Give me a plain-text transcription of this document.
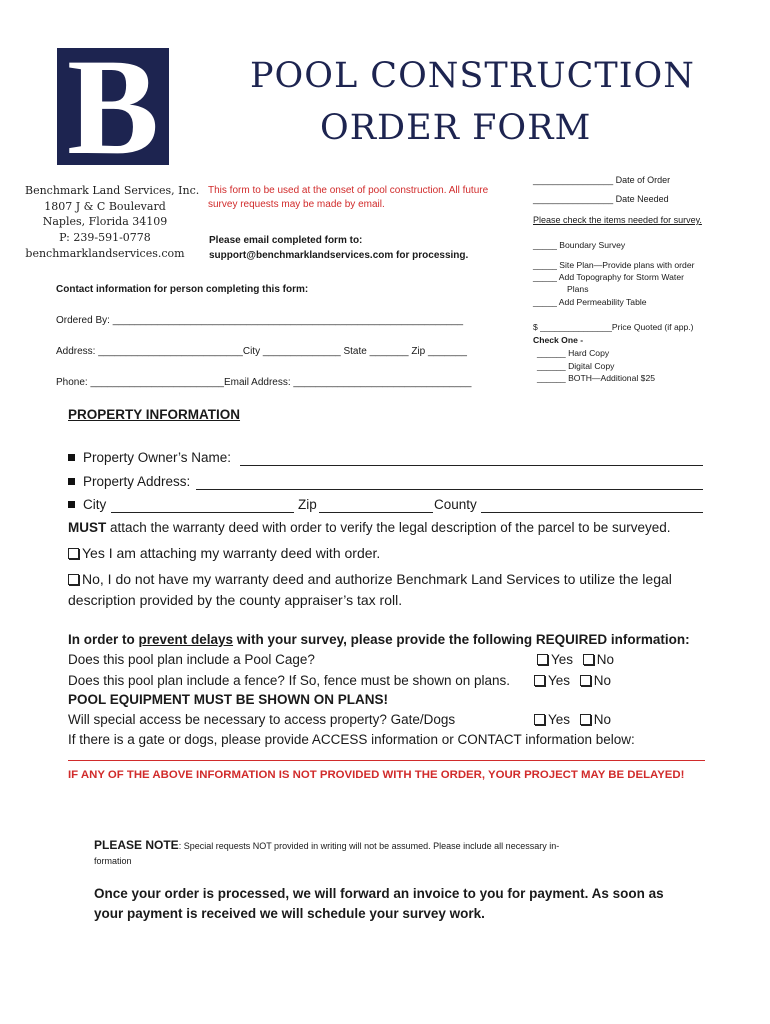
B	POOL CONSTRUCTION
ORDER FORM
Benchmark Land Services, Inc.
1807 J & C Boulevard
Naples, Florida 34109
P: 239-591-0778
benchmarklandservices.com
This form to be used at the onset of pool construction. All future
survey requests may be made by email.
Please email completed form to:
support@benchmarklandservices.com for processing.
________________ Date of Order
________________ Date Needed
Please check the items needed for survey.
_____ Boundary Survey
_____ Site Plan—Provide plans with order
_____ Add Topography for Storm Water
Plans
_____ Add Permeability Table
$ _______________Price Quoted (if app.)
Check One -
______ Hard Copy
______ Digital Copy
______ BOTH—Additional $25
Contact information for person completing this form:
Ordered By: _______________________________________________________________
Address: __________________________City ______________ State _______ Zip _______
Phone: ________________________Email Address: ________________________________
PROPERTY INFORMATION
Property Owner’s Name:
Property Address:
City	Zip	County
MUST attach the warranty deed with order to verify the legal description of the parcel to be surveyed.
Yes I am attaching my warranty deed with order.
No, I do not have my warranty deed and authorize Benchmark Land Services to utilize the legal
description provided by the county appraiser’s tax roll.
In order to prevent delays with your survey, please provide the following REQUIRED information:
Does this pool plan include a Pool Cage?	Yes No
Does this pool plan include a fence? If So, fence must be shown on plans.	Yes No
POOL EQUIPMENT MUST BE SHOWN ON PLANS!
Will special access be necessary to access property? Gate/Dogs	Yes No
If there is a gate or dogs, please provide ACCESS information or CONTACT information below:
IF ANY OF THE ABOVE INFORMATION IS NOT PROVIDED WITH THE ORDER, YOUR PROJECT MAY BE DELAYED!
PLEASE NOTE: Special requests NOT provided in writing will not be assumed. Please include all necessary in-
formation
Once your order is processed, we will forward an invoice to you for payment. As soon as
your payment is received we will schedule your survey work.
